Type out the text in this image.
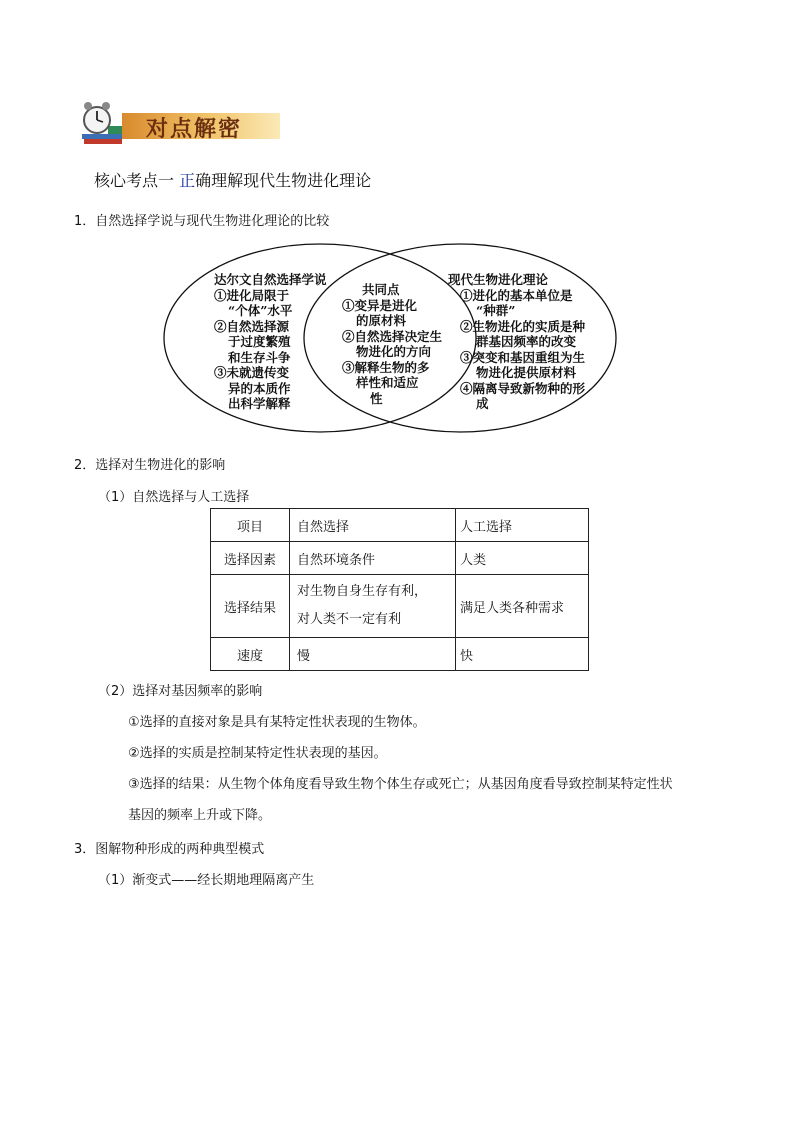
对点解密
核心考点一 正确理解现代生物进化理论
1．自然选择学说与现代生物进化理论的比较
达尔文自然选择学说
①进化局限于
“个体”水平
②自然选择源
于过度繁殖
和生存斗争
③未就遗传变
异的本质作
出科学解释
共同点
①变异是进化
的原材料
②自然选择决定生
物进化的方向
③解释生物的多
样性和适应
性
现代生物进化理论
①进化的基本单位是
“种群”
②生物进化的实质是种
群基因频率的改变
③突变和基因重组为生
物进化提供原材料
④隔离导致新物种的形
成
2．选择对生物进化的影响
（1）自然选择与人工选择
项目	自然选择	人工选择
选择因素	自然环境条件	人类
选择结果	对生物自身生存有利，
对人类不一定有利	满足人类各种需求
速度	慢	快
（2）选择对基因频率的影响
①选择的直接对象是具有某特定性状表现的生物体。
②选择的实质是控制某特定性状表现的基因。
③选择的结果：从生物个体角度看导致生物个体生存或死亡；从基因角度看导致控制某特定性状
基因的频率上升或下降。
3．图解物种形成的两种典型模式
（1）渐变式——经长期地理隔离产生
